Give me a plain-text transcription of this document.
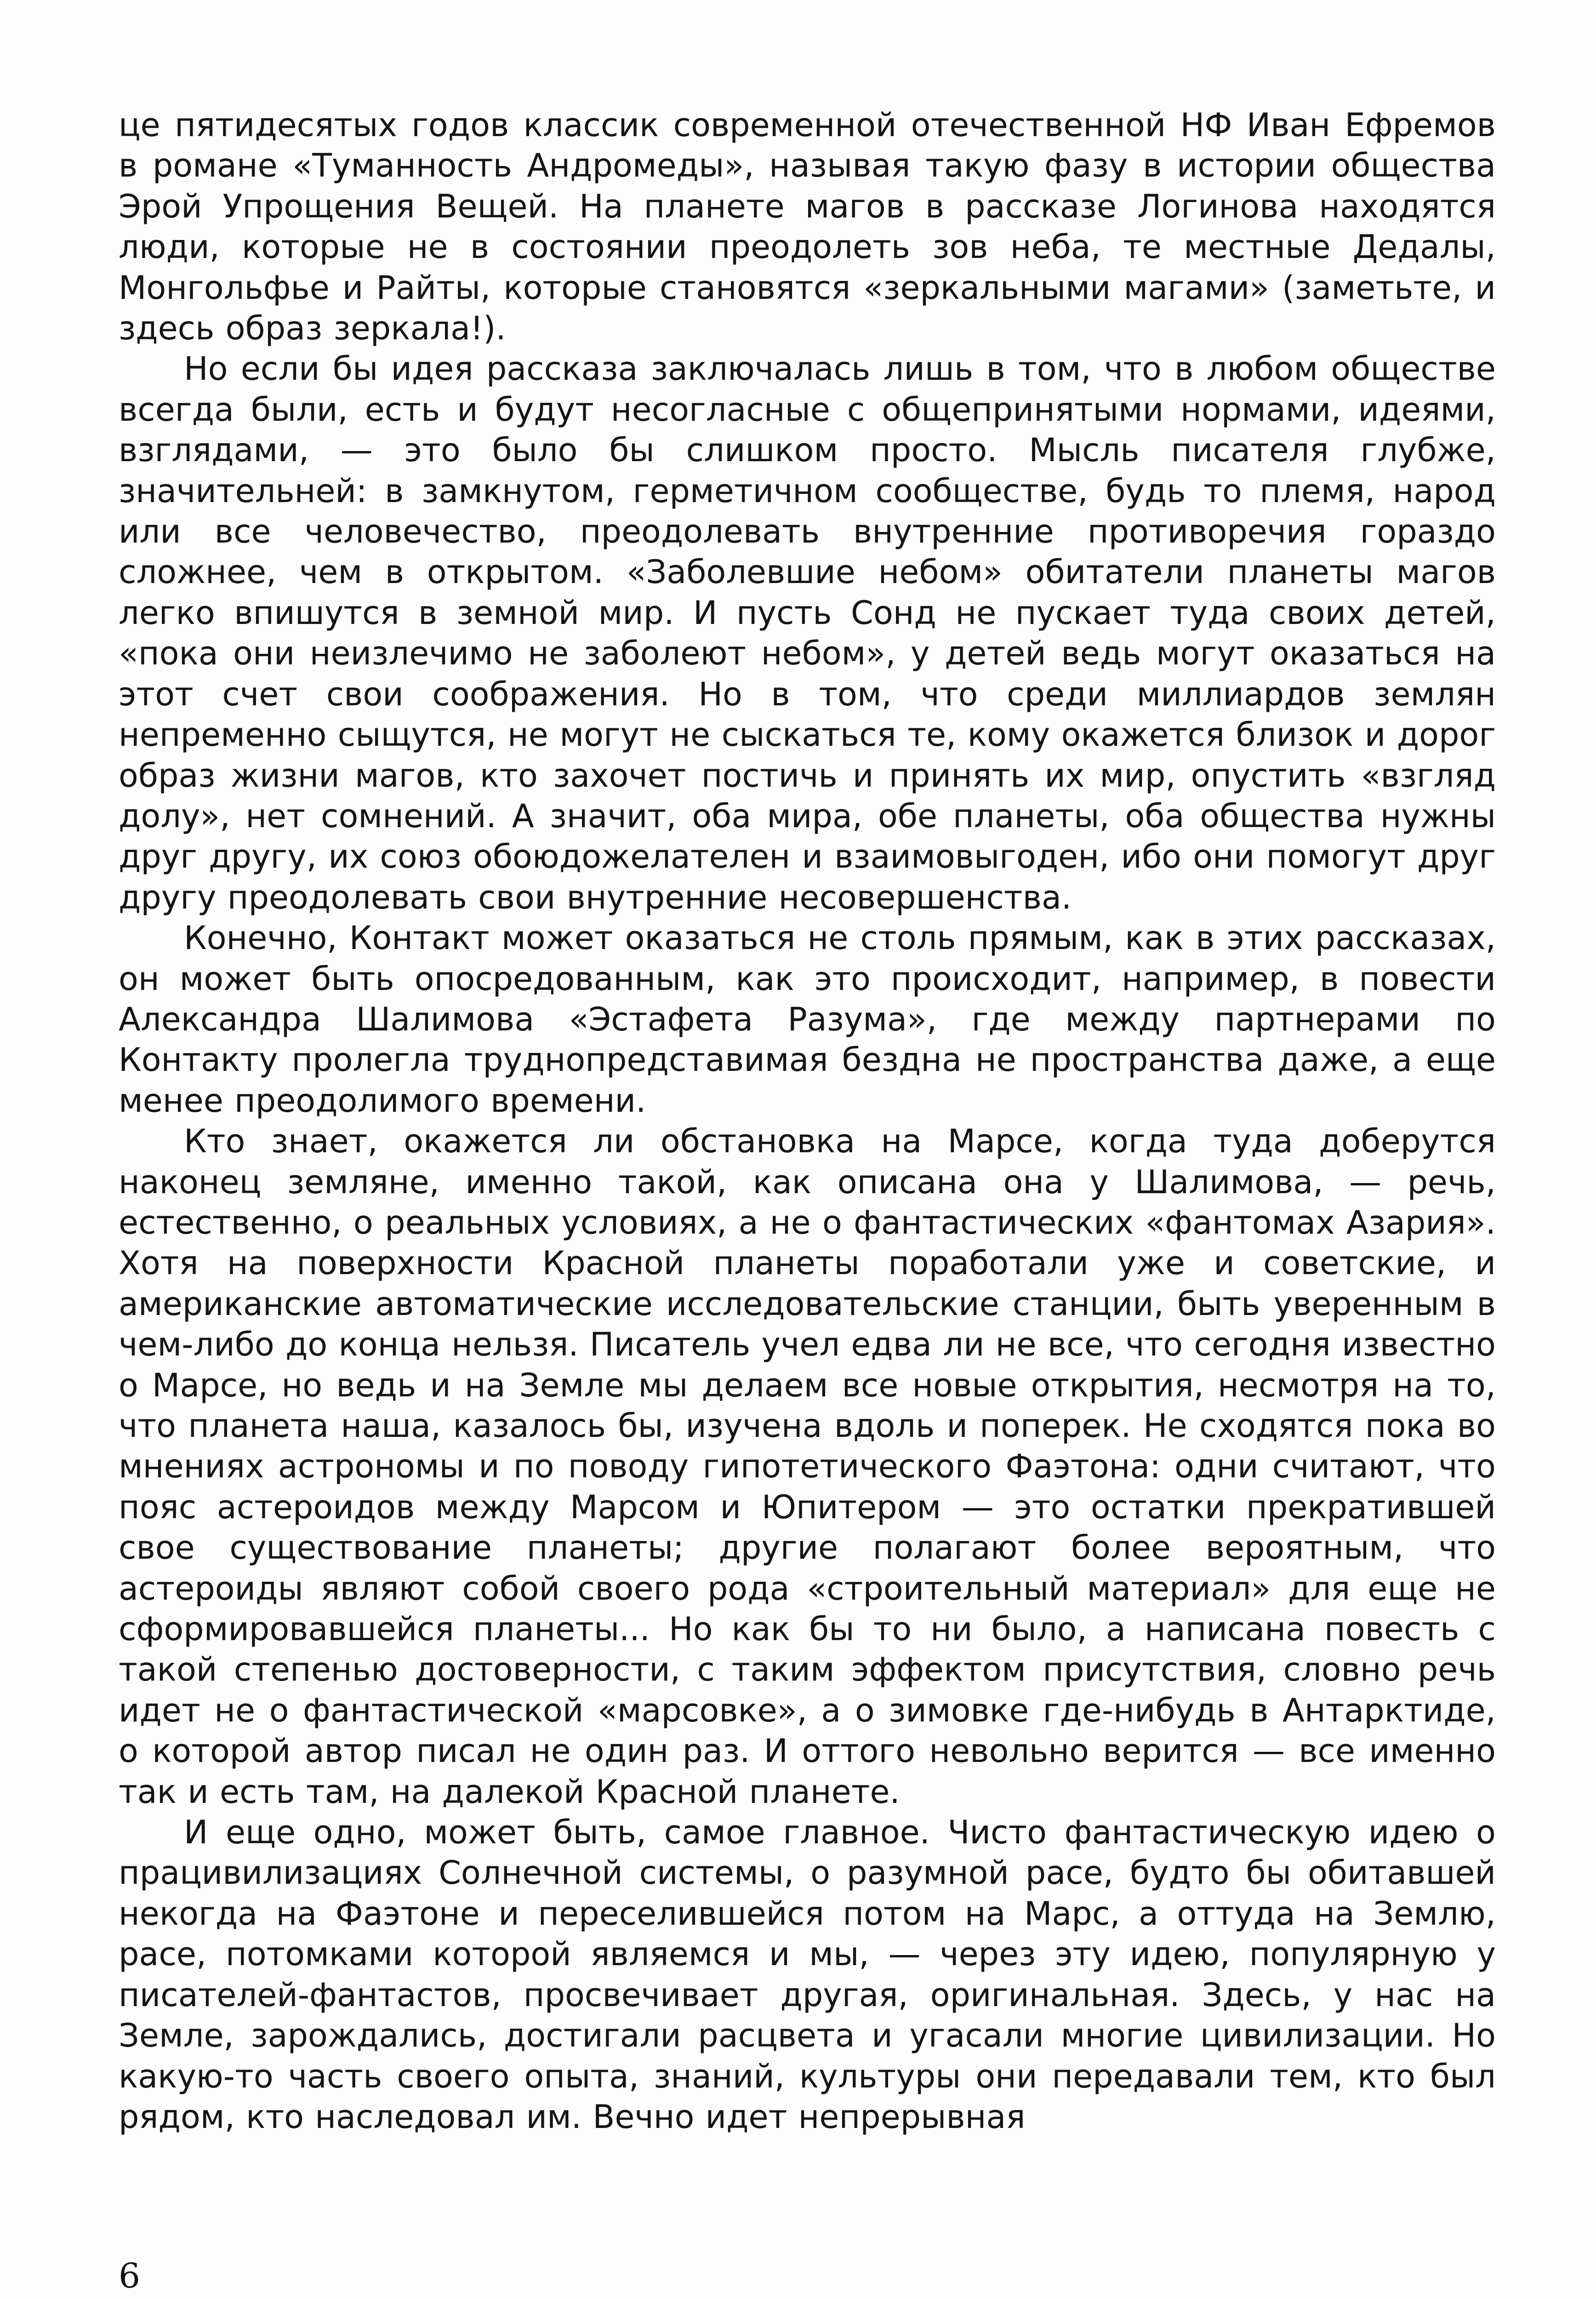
це пятидесятых годов классик современной отечественной НФ Иван Ефремов в романе «Туманность Андромеды», называя такую фазу в истории общества Эрой Упрощения Вещей. На планете магов в рассказе Логинова находятся люди, которые не в состоянии преодолеть зов неба, те местные Дедалы, Монгольфье и Райты, которые становятся «зеркальными магами» (заметьте, и здесь образ зеркала!).

Но если бы идея рассказа заключалась лишь в том, что в любом обществе всегда были, есть и будут несогласные с общепринятыми нормами, идеями, взглядами, — это было бы слишком просто. Мысль писателя глубже, значительней: в замкнутом, герметичном сообществе, будь то племя, народ или все человечество, преодолевать внутренние противоречия гораздо сложнее, чем в открытом. «Заболевшие небом» обитатели планеты магов легко впишутся в земной мир. И пусть Сонд не пускает туда своих детей, «пока они неизлечимо не заболеют небом», у детей ведь могут оказаться на этот счет свои соображения. Но в том, что среди миллиардов землян непременно сыщутся, не могут не сыскаться те, кому окажется близок и дорог образ жизни магов, кто захочет постичь и принять их мир, опустить «взгляд долу», нет сомнений. А значит, оба мира, обе планеты, оба общества нужны друг другу, их союз обоюдожелателен и взаимовыгоден, ибо они помогут друг другу преодолевать свои внутренние несовершенства.

Конечно, Контакт может оказаться не столь прямым, как в этих рассказах, он может быть опосредованным, как это происходит, например, в повести Александра Шалимова «Эстафета Разума», где между партнерами по Контакту пролегла труднопредставимая бездна не пространства даже, а еще менее преодолимого времени.

Кто знает, окажется ли обстановка на Марсе, когда туда доберутся наконец земляне, именно такой, как описана она у Шалимова, — речь, естественно, о реальных условиях, а не о фантастических «фантомах Азария». Хотя на поверхности Красной планеты поработали уже и советские, и американские автоматические исследовательские станции, быть уверенным в чем-либо до конца нельзя. Писатель учел едва ли не все, что сегодня известно о Марсе, но ведь и на Земле мы делаем все новые открытия, несмотря на то, что планета наша, казалось бы, изучена вдоль и поперек. Не сходятся пока во мнениях астрономы и по поводу гипотетического Фаэтона: одни считают, что пояс астероидов между Марсом и Юпитером — это остатки прекратившей свое существование планеты; другие полагают более вероятным, что астероиды являют собой своего рода «строительный материал» для еще не сформировавшейся планеты... Но как бы то ни было, а написана повесть с такой степенью достоверности, с таким эффектом присутствия, словно речь идет не о фантастической «марсовке», а о зимовке где-нибудь в Антарктиде, о которой автор писал не один раз. И оттого невольно верится — все именно так и есть там, на далекой Красной планете.

И еще одно, может быть, самое главное. Чисто фантастическую идею о працивилизациях Солнечной системы, о разумной расе, будто бы обитавшей некогда на Фаэтоне и переселившейся потом на Марс, а оттуда на Землю, расе, потомками которой являемся и мы, — через эту идею, популярную у писателей-фантастов, просвечивает другая, оригинальная. Здесь, у нас на Земле, зарождались, достигали расцвета и угасали многие цивилизации. Но какую-то часть своего опыта, знаний, культуры они передавали тем, кто был рядом, кто наследовал им. Вечно идет непрерывная

6
